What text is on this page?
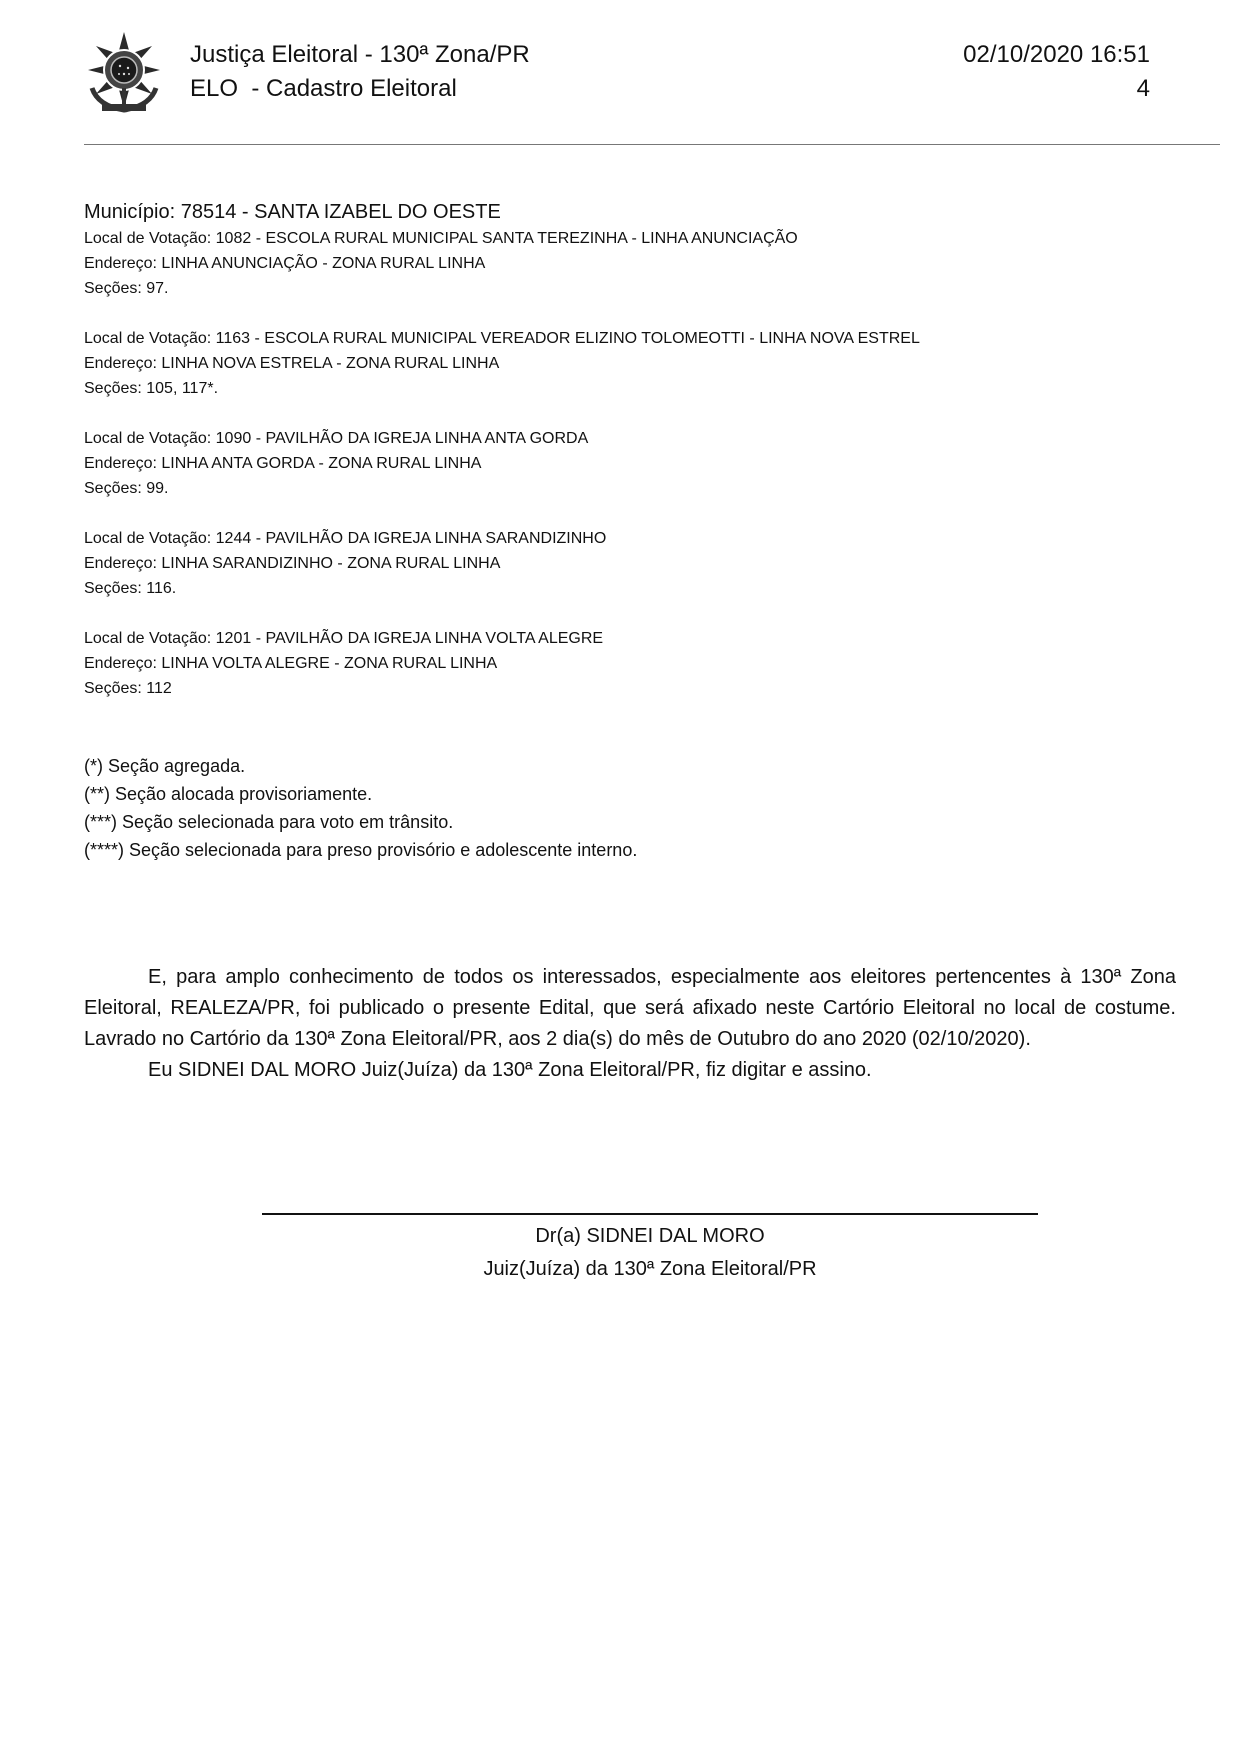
Justiça Eleitoral - 130ª Zona/PR
ELO  - Cadastro Eleitoral
02/10/2020 16:51
4
Município: 78514 - SANTA IZABEL DO OESTE
Local de Votação: 1082 - ESCOLA RURAL MUNICIPAL SANTA TEREZINHA - LINHA ANUNCIAÇÃO
Endereço: LINHA ANUNCIAÇÃO - ZONA RURAL LINHA
Seções: 97.
Local de Votação: 1163 - ESCOLA RURAL MUNICIPAL VEREADOR ELIZINO TOLOMEOTTI - LINHA NOVA ESTREL
Endereço: LINHA NOVA ESTRELA - ZONA RURAL LINHA
Seções: 105, 117*.
Local de Votação: 1090 - PAVILHÃO DA IGREJA LINHA ANTA GORDA
Endereço: LINHA ANTA GORDA - ZONA RURAL LINHA
Seções: 99.
Local de Votação: 1244 - PAVILHÃO DA IGREJA LINHA SARANDIZINHO
Endereço: LINHA SARANDIZINHO - ZONA RURAL LINHA
Seções: 116.
Local de Votação: 1201 - PAVILHÃO DA IGREJA LINHA VOLTA ALEGRE
Endereço: LINHA VOLTA ALEGRE - ZONA RURAL LINHA
Seções: 112
(*) Seção agregada.
(**) Seção alocada provisoriamente.
(***) Seção selecionada para voto em trânsito.
(****) Seção selecionada para preso provisório e adolescente interno.

E, para amplo conhecimento de todos os interessados, especialmente aos eleitores pertencentes à 130ª Zona Eleitoral, REALEZA/PR, foi publicado o presente Edital, que será afixado neste Cartório Eleitoral no local de costume. Lavrado no Cartório da 130ª Zona Eleitoral/PR, aos 2 dia(s) do mês de Outubro do ano 2020 (02/10/2020).

Eu SIDNEI DAL MORO Juiz(Juíza) da 130ª Zona Eleitoral/PR, fiz digitar e assino.

Dr(a) SIDNEI DAL MORO
Juiz(Juíza) da 130ª Zona Eleitoral/PR
